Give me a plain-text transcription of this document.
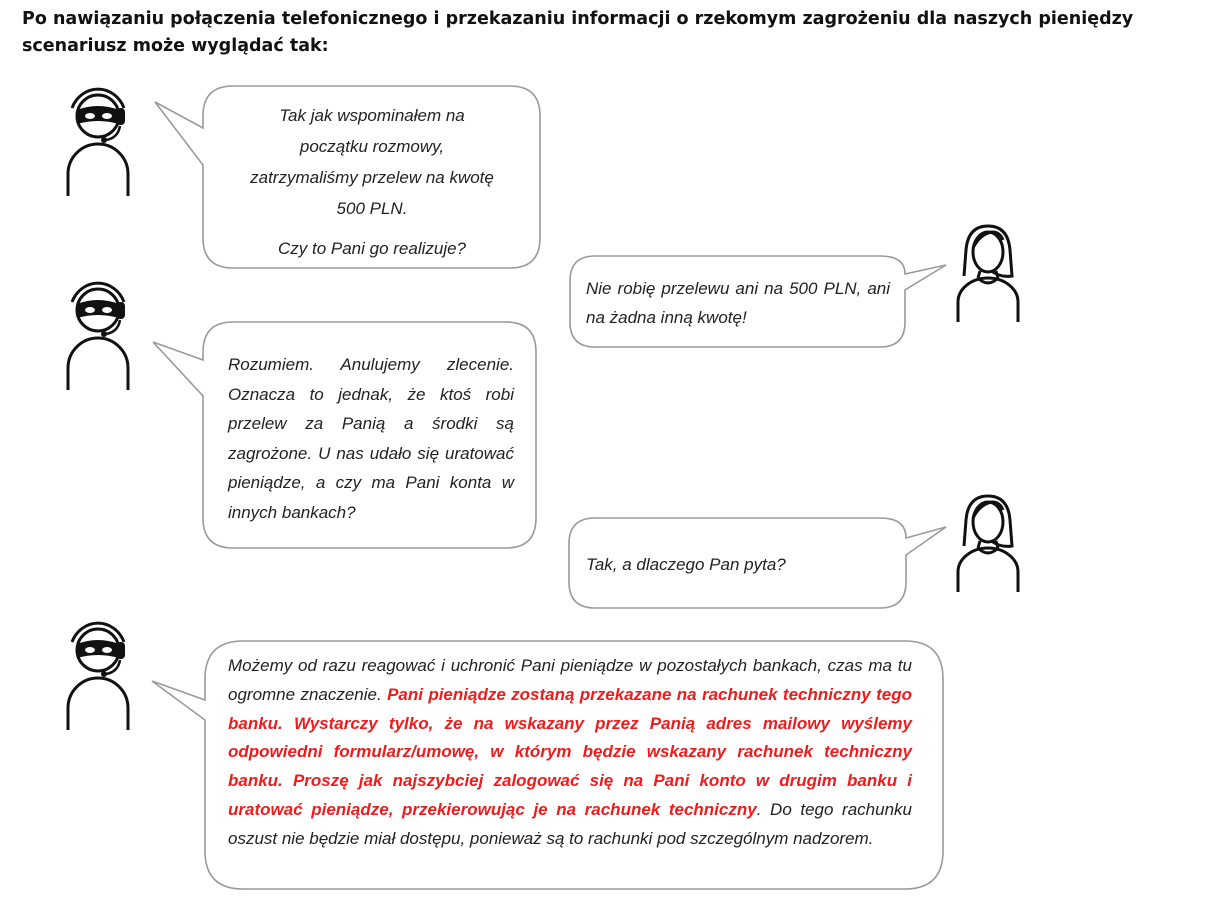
Po nawiązaniu połączenia telefonicznego i przekazaniu informacji o rzekomym zagrożeniu dla naszych pieniędzy
scenariusz może wyglądać tak:

Tak jak wspominałem na

początku rozmowy,

zatrzymaliśmy przelew na kwotę

500 PLN.

Czy to Pani go realizuje?

Nie robię przelewu ani na 500 PLN, ani na żadna inną kwotę!
Rozumiem. Anulujemy zlecenie. Oznacza to jednak, że ktoś robi przelew za Panią a środki są zagrożone. U nas udało się uratować pieniądze, a czy ma Pani konta w innych bankach?
Tak, a dlaczego Pan pyta?
Możemy od razu reagować i uchronić Pani pieniądze w pozostałych bankach, czas ma tu ogromne znaczenie. Pani pieniądze zostaną przekazane na rachunek techniczny tego banku. Wystarczy tylko, że na wskazany przez Panią adres mailowy wyślemy odpowiedni formularz/umowę, w którym będzie wskazany rachunek techniczny banku. Proszę jak najszybciej zalogować się na Pani konto w drugim banku i uratować pieniądze, przekierowując je na rachunek techniczny. Do tego rachunku oszust nie będzie miał dostępu, ponieważ są to rachunki pod szczególnym nadzorem.
